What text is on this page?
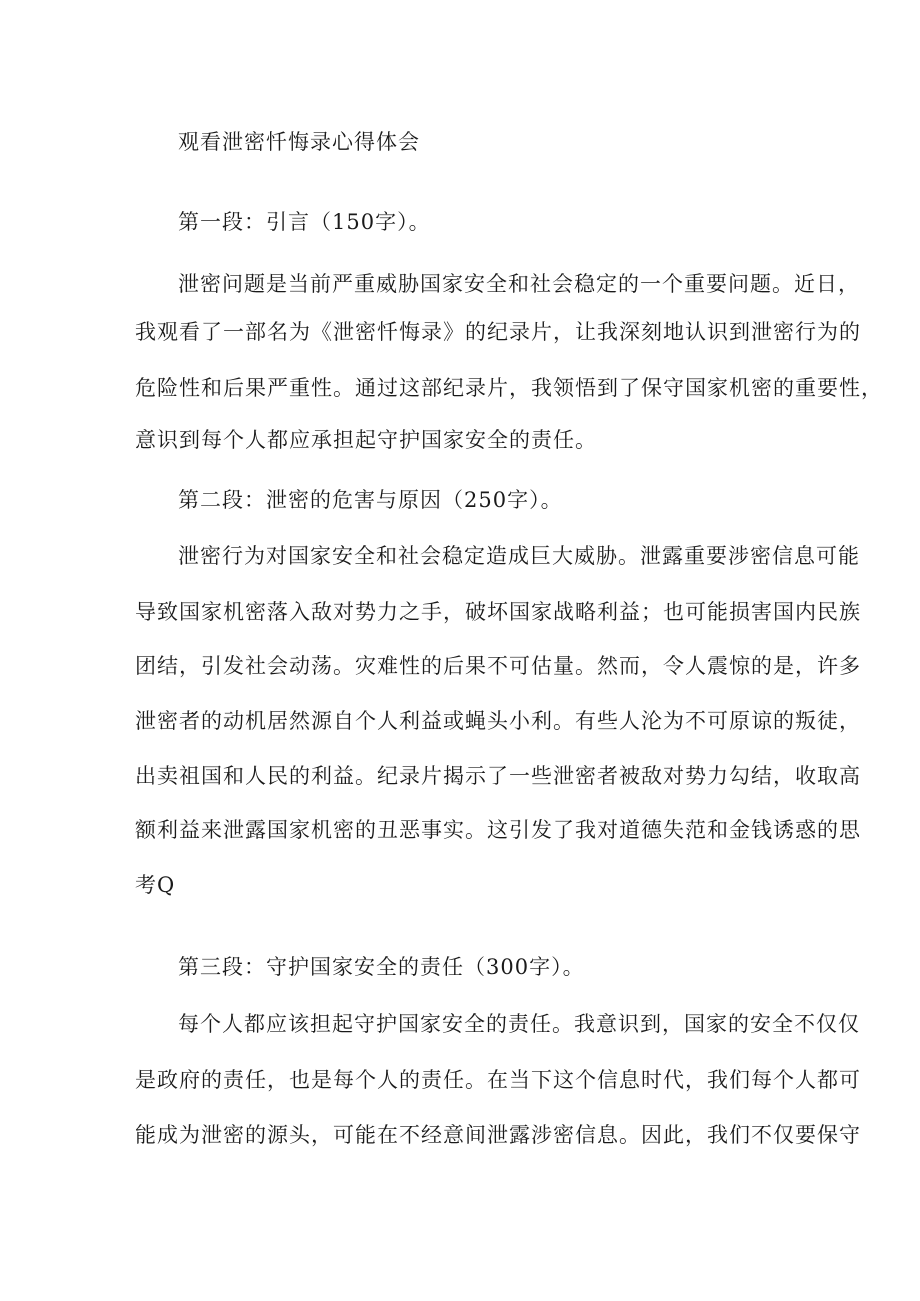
观看泄密忏悔录心得体会
第一段：引言（150字）。
泄密问题是当前严重威胁国家安全和社会稳定的一个重要问题。近日，
我观看了一部名为《泄密忏悔录》的纪录片，让我深刻地认识到泄密行为的
危险性和后果严重性。通过这部纪录片，我领悟到了保守国家机密的重要性，
意识到每个人都应承担起守护国家安全的责任。
第二段：泄密的危害与原因（250字）。
泄密行为对国家安全和社会稳定造成巨大威胁。泄露重要涉密信息可能
导致国家机密落入敌对势力之手，破坏国家战略利益；也可能损害国内民族
团结，引发社会动荡。灾难性的后果不可估量。然而，令人震惊的是，许多
泄密者的动机居然源自个人利益或蝇头小利。有些人沦为不可原谅的叛徒，
出卖祖国和人民的利益。纪录片揭示了一些泄密者被敌对势力勾结，收取高
额利益来泄露国家机密的丑恶事实。这引发了我对道德失范和金钱诱惑的思
考Q
第三段：守护国家安全的责任（300字）。
每个人都应该担起守护国家安全的责任。我意识到，国家的安全不仅仅
是政府的责任，也是每个人的责任。在当下这个信息时代，我们每个人都可
能成为泄密的源头，可能在不经意间泄露涉密信息。因此，我们不仅要保守
